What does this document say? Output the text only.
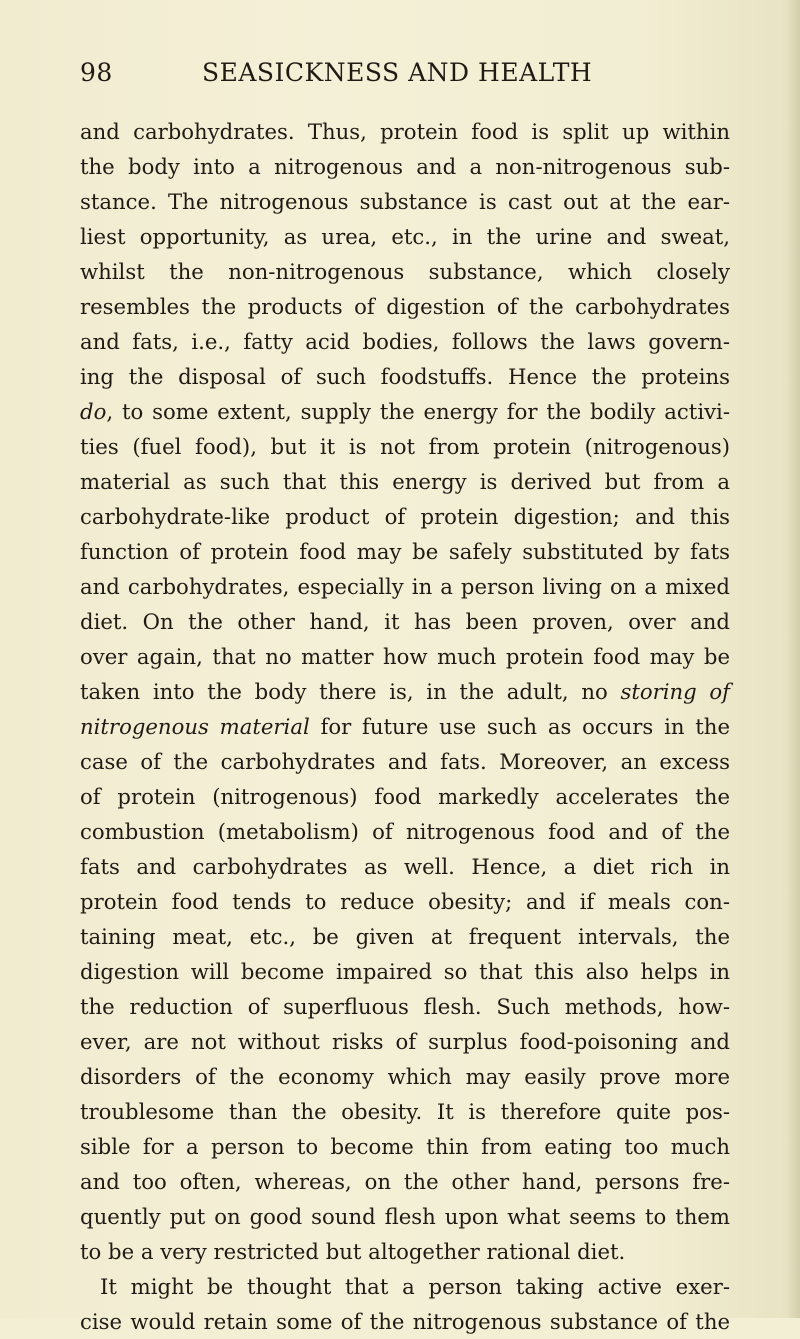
98	SEASICKNESS AND HEALTH
and carbohydrates. Thus, protein food is split up within
the body into a nitrogenous and a non-nitrogenous sub-
stance. The nitrogenous substance is cast out at the ear-
liest opportunity, as urea, etc., in the urine and sweat,
whilst the non-nitrogenous substance, which closely
resembles the products of digestion of the carbohydrates
and fats, i.e., fatty acid bodies, follows the laws govern-
ing the disposal of such foodstuffs. Hence the proteins
do, to some extent, supply the energy for the bodily activi-
ties (fuel food), but it is not from protein (nitrogenous)
material as such that this energy is derived but from a
carbohydrate-like product of protein digestion; and this
function of protein food may be safely substituted by fats
and carbohydrates, especially in a person living on a mixed
diet. On the other hand, it has been proven, over and
over again, that no matter how much protein food may be
taken into the body there is, in the adult, no storing of
nitrogenous material for future use such as occurs in the
case of the carbohydrates and fats. Moreover, an excess
of protein (nitrogenous) food markedly accelerates the
combustion (metabolism) of nitrogenous food and of the
fats and carbohydrates as well. Hence, a diet rich in
protein food tends to reduce obesity; and if meals con-
taining meat, etc., be given at frequent intervals, the
digestion will become impaired so that this also helps in
the reduction of superfluous flesh. Such methods, how-
ever, are not without risks of surplus food-poisoning and
disorders of the economy which may easily prove more
troublesome than the obesity. It is therefore quite pos-
sible for a person to become thin from eating too much
and too often, whereas, on the other hand, persons fre-
quently put on good sound flesh upon what seems to them
to be a very restricted but altogether rational diet.
It might be thought that a person taking active exer-
cise would retain some of the nitrogenous substance of the
